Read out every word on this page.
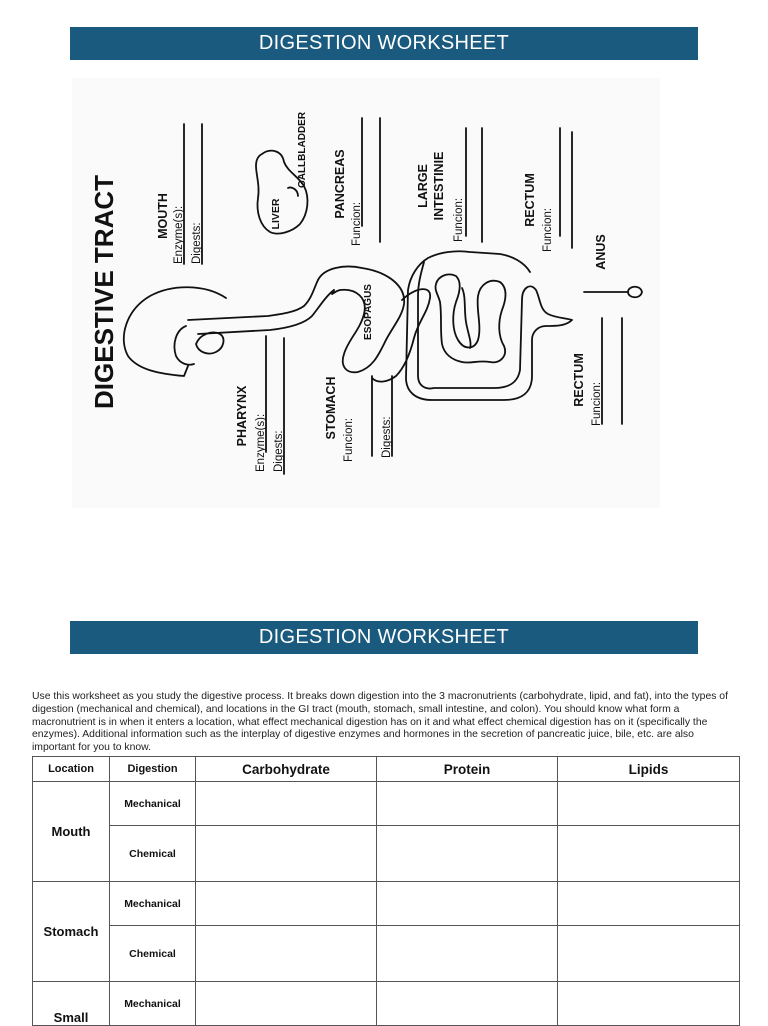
DIGESTION WORKSHEET
DIGESTIVE TRACT	MOUTH Enzyme(s): Digests:
LIVER
GALLBLADDER PANCREAS
Funcion:
LARGE INTESTINIE Funcion:	RECTUM
Funcion:	ANUS
ESOPAGUS
PHARYNX Enzyme(s): Digests:
STOMACH
Funcion: Digests:
RECTUM Funcion:
DIGESTION WORKSHEET

Use this worksheet as you study the digestive process. It breaks down digestion into the 3 macronutrients (carbohydrate, lipid, and fat), into the types of digestion (mechanical and chemical), and locations in the GI tract (mouth, stomach, small intestine, and colon). You should know what form a macronutrient is in when it enters a location, what effect mechanical digestion has on it and what effect chemical digestion has on it (specifically the enzymes). Additional information such as the interplay of digestive enzymes and hormones in the secretion of pancreatic juice, bile, etc. are also important for you to know.

Location	Digestion	Carbohydrate	Protein	Lipids
Mouth	Mechanical			
	Chemical			
Stomach	Mechanical			
	Chemical			
Small	Mechanical			
